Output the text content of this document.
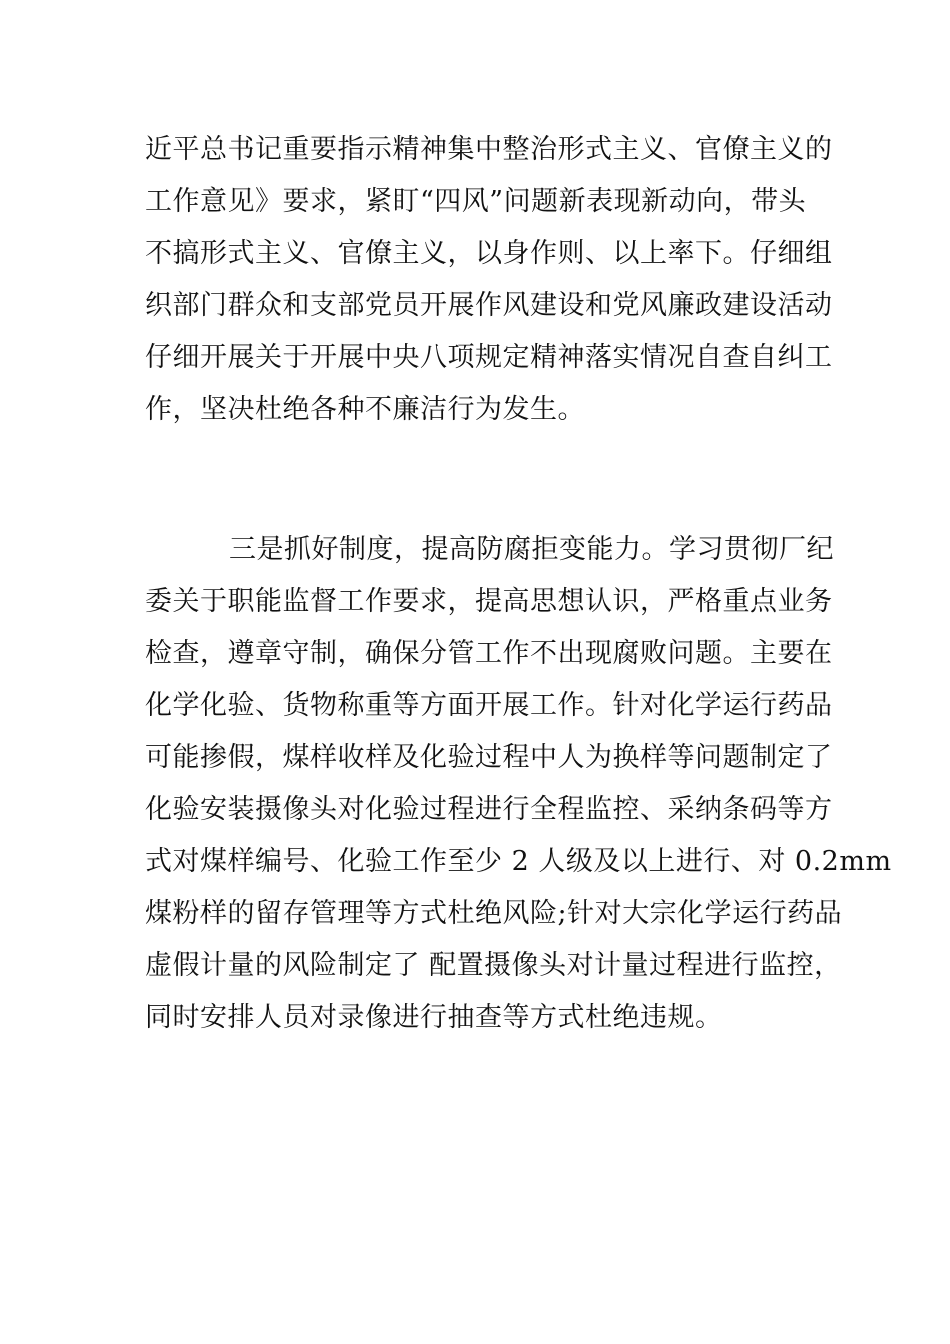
近平总书记重要指示精神集中整治形式主义、官僚主义的
工作意见》要求，紧盯“四风”问题新表现新动向，带头
不搞形式主义、官僚主义，以身作则、以上率下。仔细组
织部门群众和支部党员开展作风建设和党风廉政建设活动
仔细开展关于开展中央八项规定精神落实情况自查自纠工
作，坚决杜绝各种不廉洁行为发生。
三是抓好制度，提高防腐拒变能力。学习贯彻厂纪
委关于职能监督工作要求，提高思想认识，严格重点业务
检查，遵章守制，确保分管工作不出现腐败问题。主要在
化学化验、货物称重等方面开展工作。针对化学运行药品
可能掺假，煤样收样及化验过程中人为换样等问题制定了
化验安装摄像头对化验过程进行全程监控、采纳条码等方
式对煤样编号、化验工作至少 2 人级及以上进行、对 0.2mm
煤粉样的留存管理等方式杜绝风险;针对大宗化学运行药品
虚假计量的风险制定了 配置摄像头对计量过程进行监控，
同时安排人员对录像进行抽查等方式杜绝违规。
